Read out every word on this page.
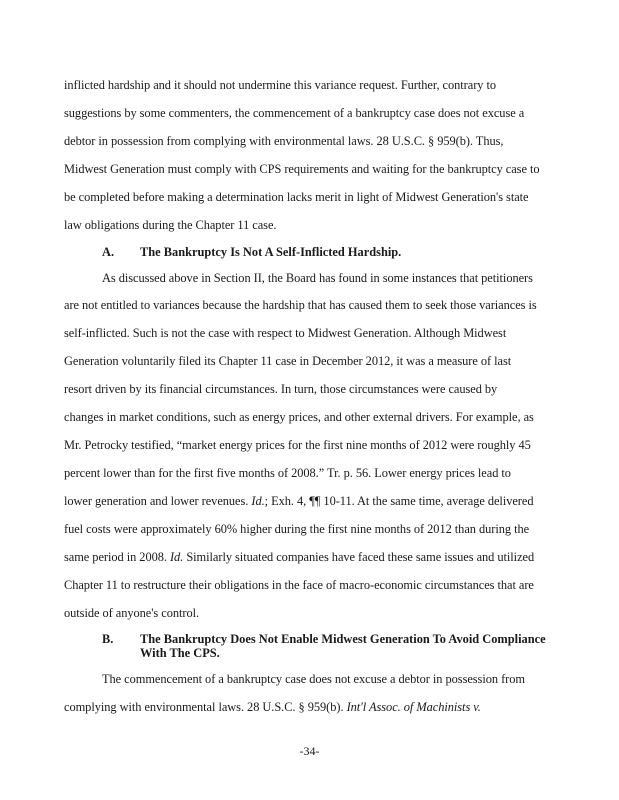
inflicted hardship and it should not undermine this variance request. Further, contrary to
suggestions by some commenters, the commencement of a bankruptcy case does not excuse a
debtor in possession from complying with environmental laws. 28 U.S.C. § 959(b). Thus,
Midwest Generation must comply with CPS requirements and waiting for the bankruptcy case to
be completed before making a determination lacks merit in light of Midwest Generation's state
law obligations during the Chapter 11 case.
A. The Bankruptcy Is Not A Self-Inflicted Hardship.
As discussed above in Section II, the Board has found in some instances that petitioners
are not entitled to variances because the hardship that has caused them to seek those variances is
self-inflicted. Such is not the case with respect to Midwest Generation. Although Midwest
Generation voluntarily filed its Chapter 11 case in December 2012, it was a measure of last
resort driven by its financial circumstances. In turn, those circumstances were caused by
changes in market conditions, such as energy prices, and other external drivers. For example, as
Mr. Petrocky testified, “market energy prices for the first nine months of 2012 were roughly 45
percent lower than for the first five months of 2008.” Tr. p. 56. Lower energy prices lead to
lower generation and lower revenues. Id.; Exh. 4, ¶¶ 10-11. At the same time, average delivered
fuel costs were approximately 60% higher during the first nine months of 2012 than during the
same period in 2008. Id. Similarly situated companies have faced these same issues and utilized
Chapter 11 to restructure their obligations in the face of macro-economic circumstances that are
outside of anyone's control.
B. The Bankruptcy Does Not Enable Midwest Generation To Avoid Compliance
With The CPS.
The commencement of a bankruptcy case does not excuse a debtor in possession from
complying with environmental laws. 28 U.S.C. § 959(b). Int'l Assoc. of Machinists v.
-34-
